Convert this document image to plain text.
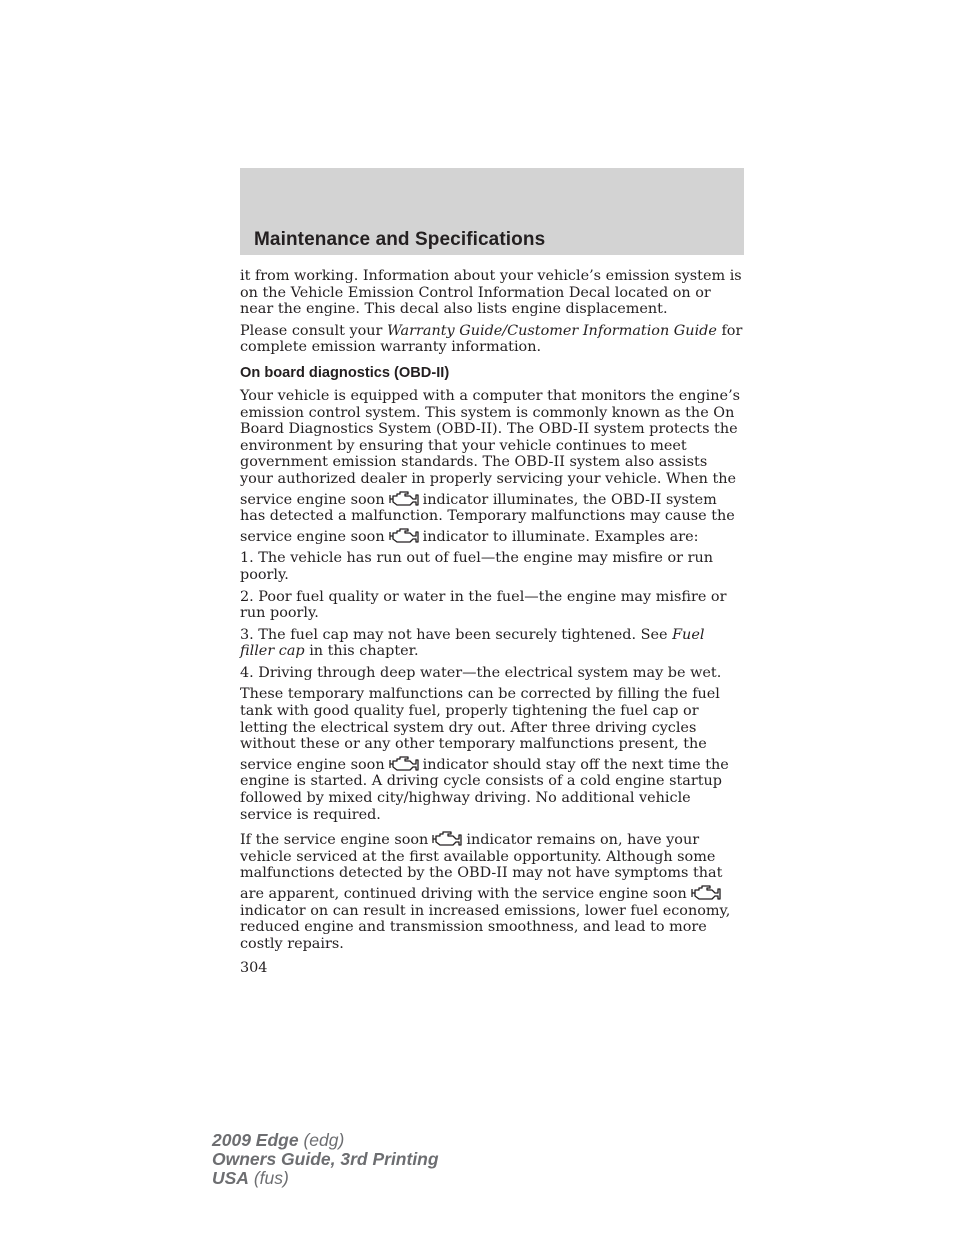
Maintenance and Specifications

it from working. Information about your vehicle’s emission system is on the Vehicle Emission Control Information Decal located on or near the engine. This decal also lists engine displacement.

Please consult your Warranty Guide/Customer Information Guide for complete emission warranty information.

On board diagnostics (OBD-II)

Your vehicle is equipped with a computer that monitors the engine’s emission control system. This system is commonly known as the On Board Diagnostics System (OBD-II). The OBD-II system protects the environment by ensuring that your vehicle continues to meet government emission standards. The OBD-II system also assists your authorized dealer in properly servicing your vehicle. When the service engine soon	indicator illuminates, the OBD-II system has detected a malfunction. Temporary malfunctions may cause the service engine soon	indicator to illuminate. Examples are:

1. The vehicle has run out of fuel—the engine may misfire or run poorly.

2. Poor fuel quality or water in the fuel—the engine may misfire or run poorly.

3. The fuel cap may not have been securely tightened. See Fuel filler cap in this chapter.

4. Driving through deep water—the electrical system may be wet.

These temporary malfunctions can be corrected by filling the fuel tank with good quality fuel, properly tightening the fuel cap or letting the electrical system dry out. After three driving cycles without these or any other temporary malfunctions present, the service engine soon	indicator should stay off the next time the engine is started. A driving cycle consists of a cold engine startup followed by mixed city/highway driving. No additional vehicle service is required.

If the service engine soon	indicator remains on, have your vehicle serviced at the first available opportunity. Although some malfunctions detected by the OBD-II may not have symptoms that are apparent, continued driving with the service engine soonindicator on can result in increased emissions, lower fuel economy, reduced engine and transmission smoothness, and lead to more costly repairs.

304
2009 Edge (edg)
Owners Guide, 3rd Printing
USA (fus)
